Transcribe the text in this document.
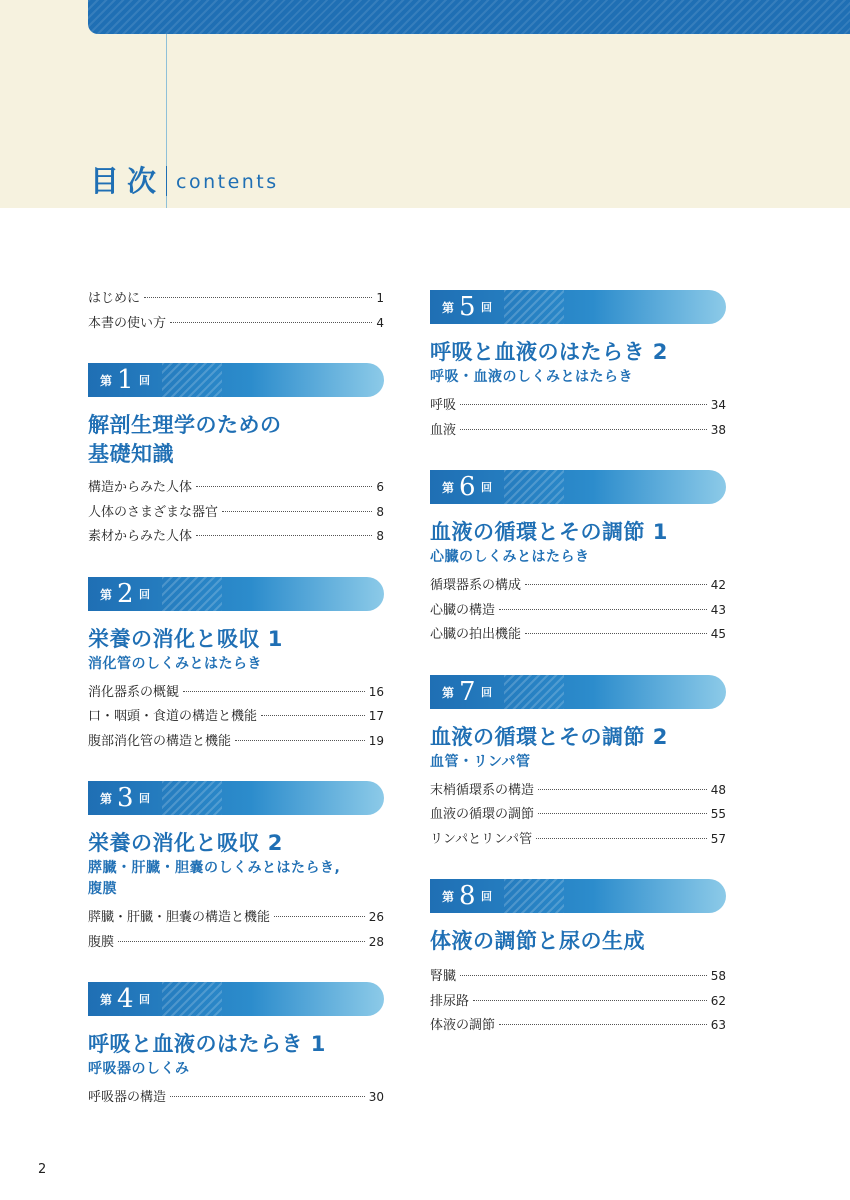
目次 contents
はじめに	1
本書の使い方	4
第 1 回
解剖生理学のための
基礎知識
構造からみた人体	6
人体のさまざまな器官	8
素材からみた人体	8
第 2 回
栄養の消化と吸収 1
消化管のしくみとはたらき
消化器系の概観	16
口・咽頭・食道の構造と機能	17
腹部消化管の構造と機能	19
第 3 回
栄養の消化と吸収 2
膵臓・肝臓・胆嚢のしくみとはたらき,
腹膜
膵臓・肝臓・胆嚢の構造と機能	26
腹膜	28
第 4 回
呼吸と血液のはたらき 1
呼吸器のしくみ
呼吸器の構造	30
第 5 回
呼吸と血液のはたらき 2
呼吸・血液のしくみとはたらき
呼吸	34
血液	38
第 6 回
血液の循環とその調節 1
心臓のしくみとはたらき
循環器系の構成	42
心臓の構造	43
心臓の拍出機能	45
第 7 回
血液の循環とその調節 2
血管・リンパ管
末梢循環系の構造	48
血液の循環の調節	55
リンパとリンパ管	57
第 8 回
体液の調節と尿の生成
腎臓	58
排尿路	62
体液の調節	63
2
